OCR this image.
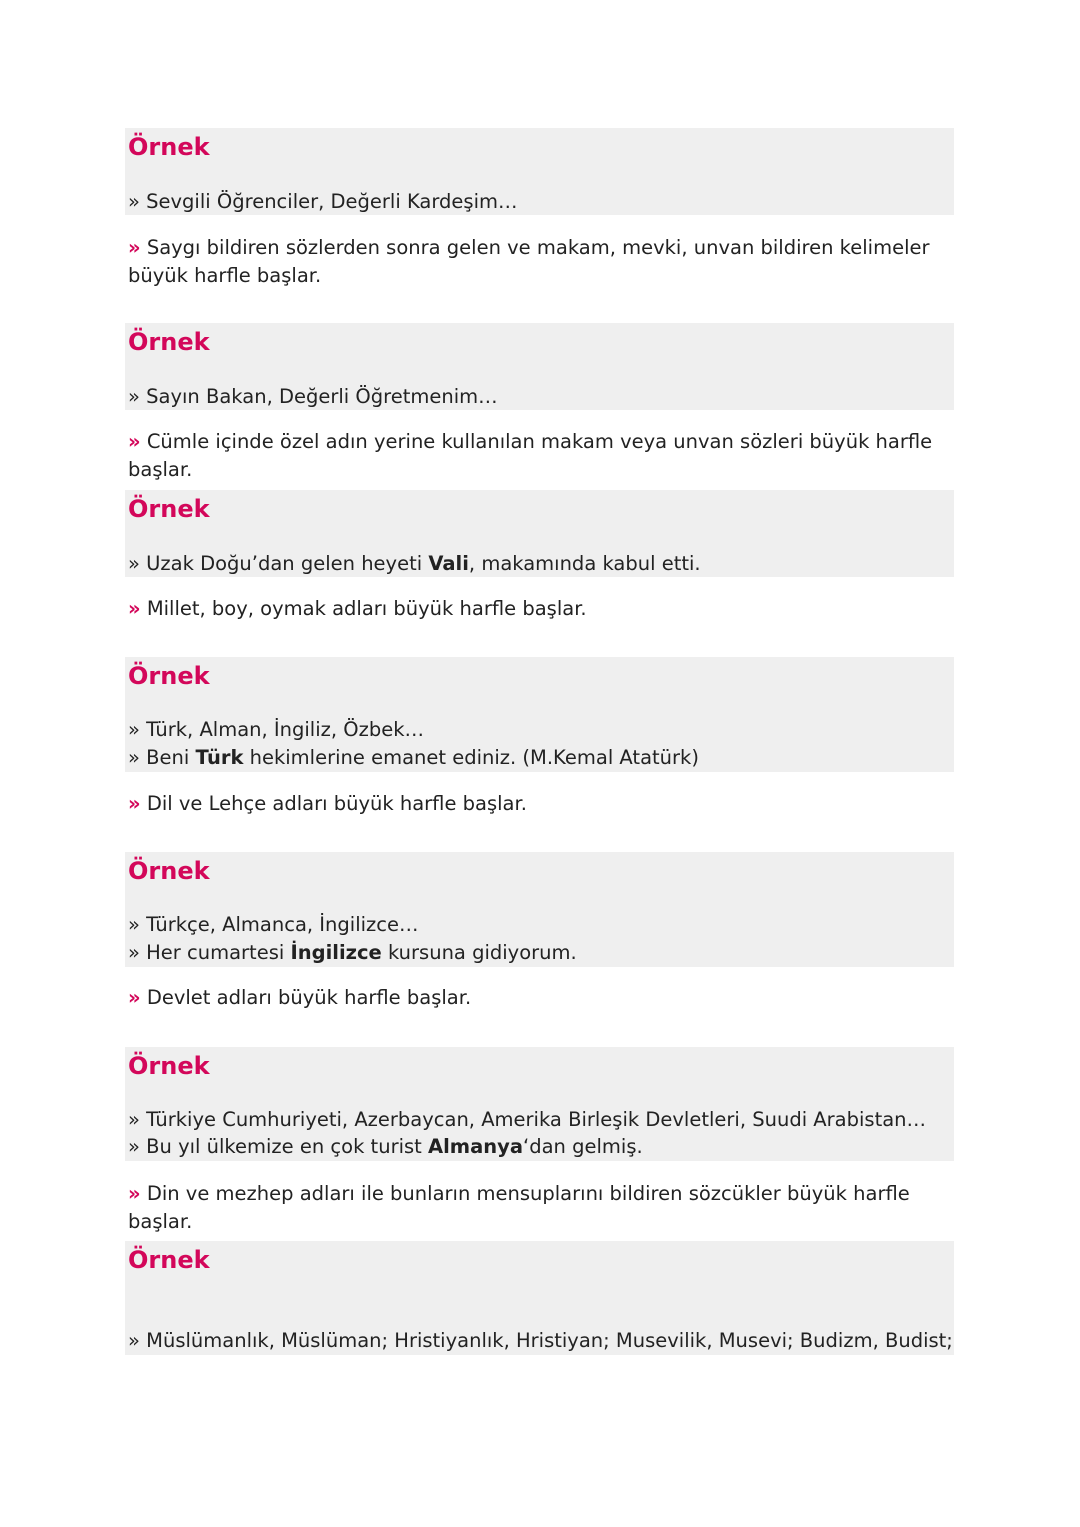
Örnek
» Sevgili Öğrenciler, Değerli Kardeşim…
» Saygı bildiren sözlerden sonra gelen ve makam, mevki, unvan bildiren kelimeler büyük harfle başlar.
Örnek
» Sayın Bakan, Değerli Öğretmenim…
» Cümle içinde özel adın yerine kullanılan makam veya unvan sözleri büyük harfle başlar.
Örnek
» Uzak Doğu’dan gelen heyeti Vali, makamında kabul etti.
» Millet, boy, oymak adları büyük harfle başlar.
Örnek
» Türk, Alman, İngiliz, Özbek…
» Beni Türk hekimlerine emanet ediniz. (M.Kemal Atatürk)
» Dil ve Lehçe adları büyük harfle başlar.
Örnek
» Türkçe, Almanca, İngilizce…
» Her cumartesi İngilizce kursuna gidiyorum.
» Devlet adları büyük harfle başlar.
Örnek
» Türkiye Cumhuriyeti, Azerbaycan, Amerika Birleşik Devletleri, Suudi Arabistan…
» Bu yıl ülkemize en çok turist Almanya‘dan gelmiş.
» Din ve mezhep adları ile bunların mensuplarını bildiren sözcükler büyük harfle başlar.
Örnek
» Müslümanlık, Müslüman; Hristiyanlık, Hristiyan; Musevilik, Musevi; Budizm, Budist;
